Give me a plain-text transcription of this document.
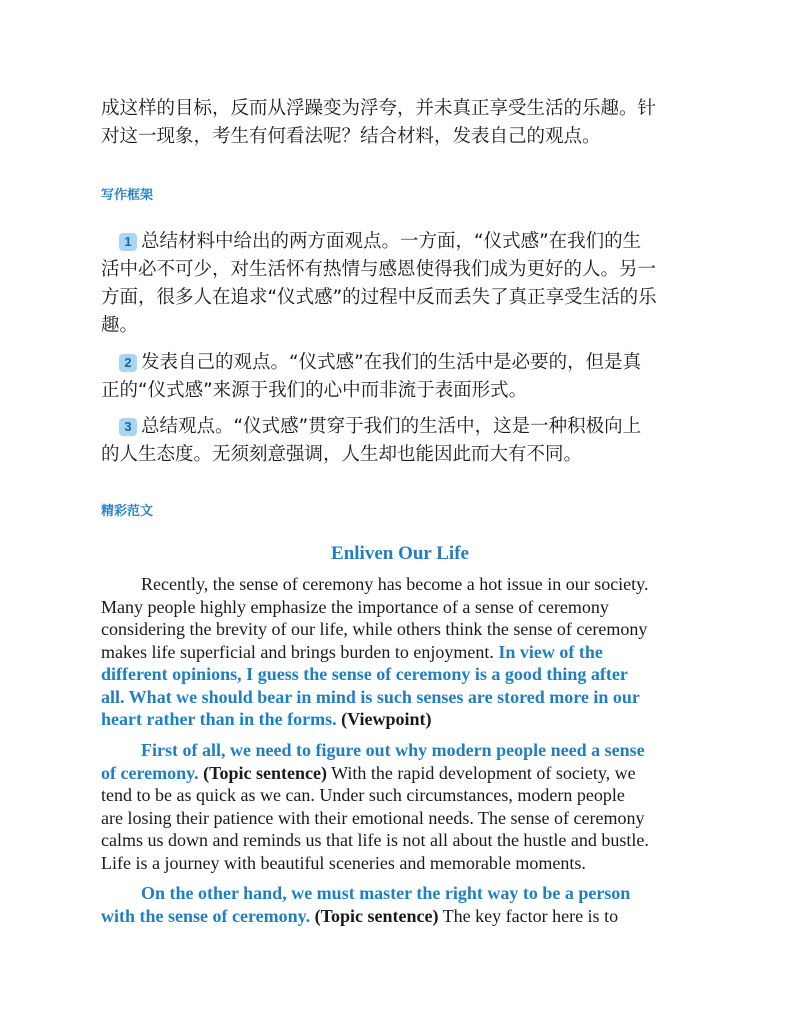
成这样的目标，反而从浮躁变为浮夸，并未真正享受生活的乐趣。针
对这一现象，考生有何看法呢？结合材料，发表自己的观点。
写作框架
1 总结材料中给出的两方面观点。一方面，“仪式感”在我们的生
活中必不可少，对生活怀有热情与感恩使得我们成为更好的人。另一
方面，很多人在追求“仪式感”的过程中反而丢失了真正享受生活的乐
趣。
2 发表自己的观点。“仪式感”在我们的生活中是必要的，但是真
正的“仪式感”来源于我们的心中而非流于表面形式。
3 总结观点。“仪式感”贯穿于我们的生活中，这是一种积极向上
的人生态度。无须刻意强调，人生却也能因此而大有不同。
精彩范文
Enliven Our Life
Recently, the sense of ceremony has become a hot issue in our society.
Many people highly emphasize the importance of a sense of ceremony
considering the brevity of our life, while others think the sense of ceremony
makes life superficial and brings burden to enjoyment. In view of the
different opinions, I guess the sense of ceremony is a good thing after
all. What we should bear in mind is such senses are stored more in our
heart rather than in the forms. (Viewpoint)
First of all, we need to figure out why modern people need a sense
of ceremony. (Topic sentence) With the rapid development of society, we
tend to be as quick as we can. Under such circumstances, modern people
are losing their patience with their emotional needs. The sense of ceremony
calms us down and reminds us that life is not all about the hustle and bustle.
Life is a journey with beautiful sceneries and memorable moments.
On the other hand, we must master the right way to be a person
with the sense of ceremony. (Topic sentence) The key factor here is to
